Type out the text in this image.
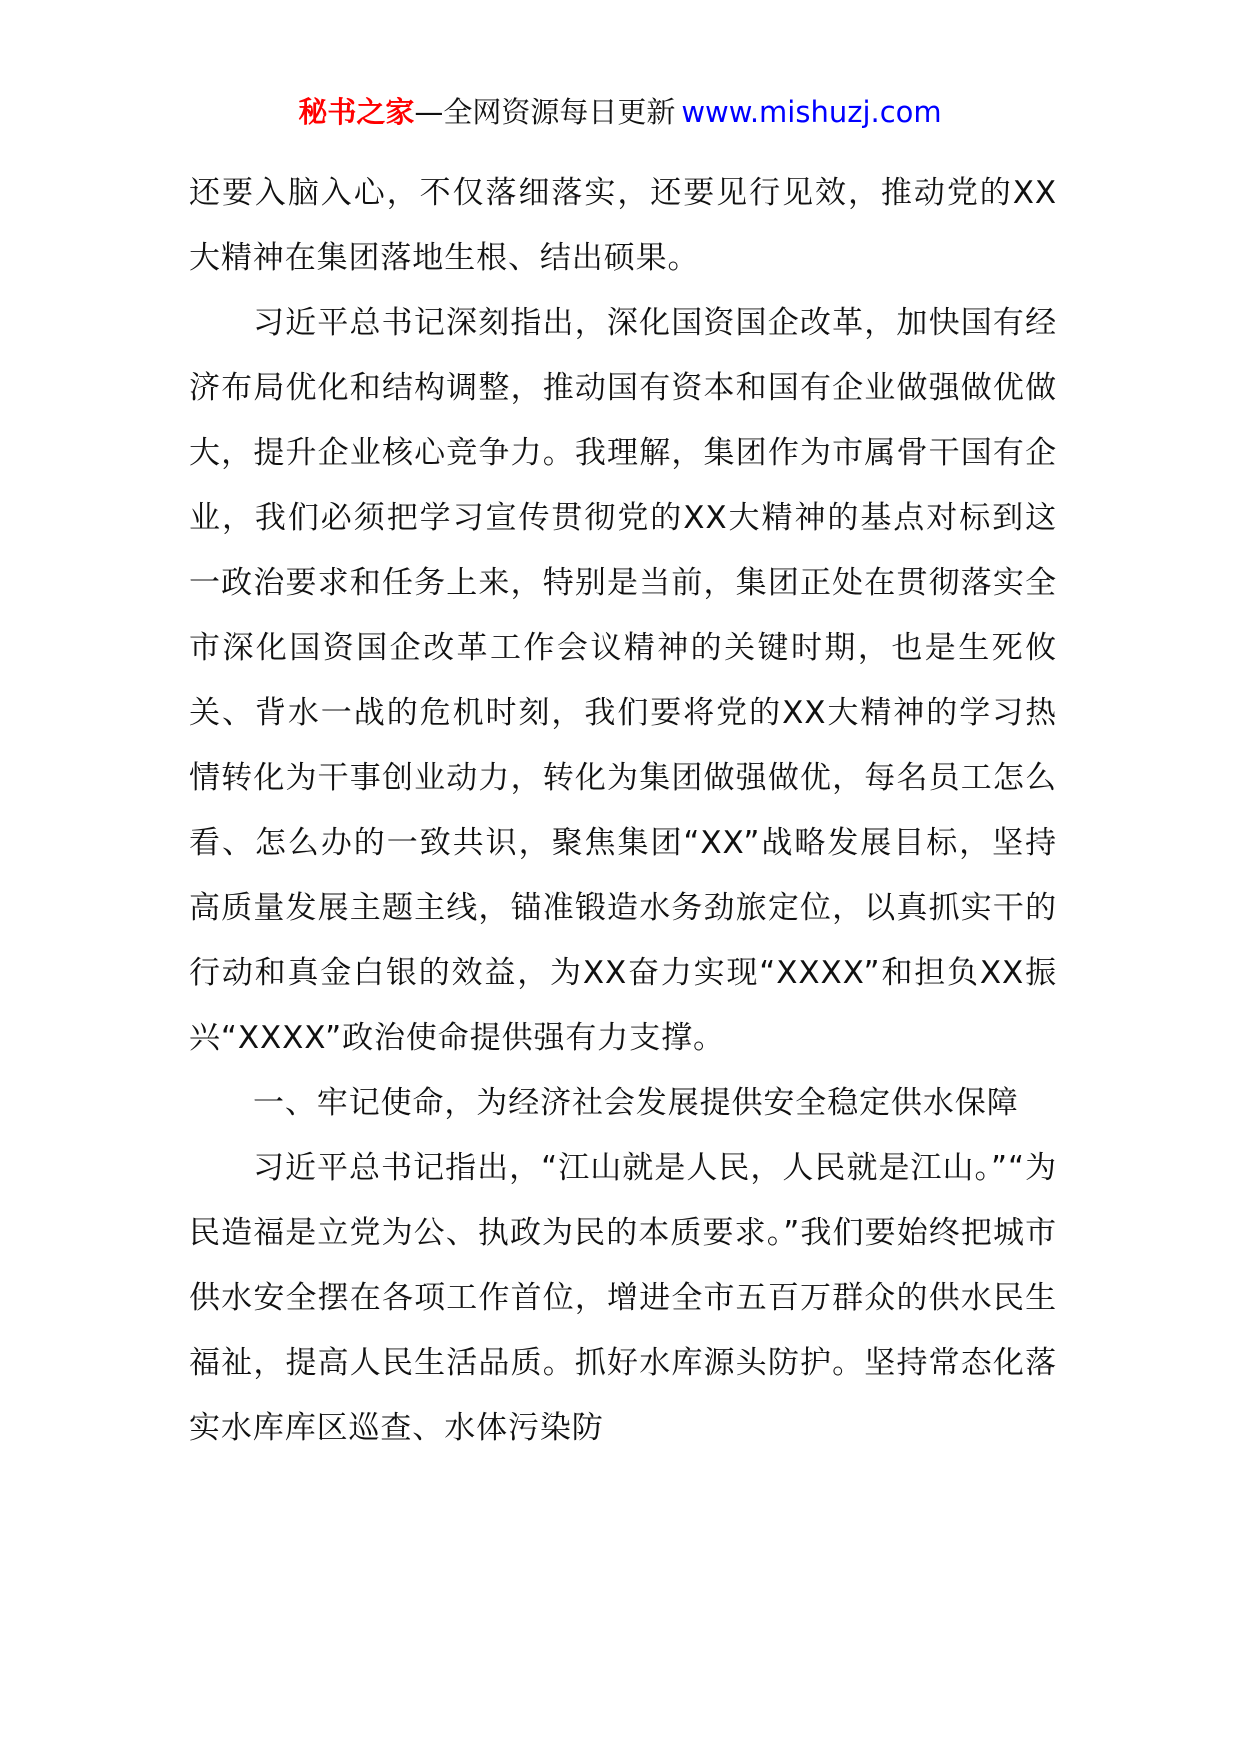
秘书之家—全网资源每日更新 www.mishuzj.com

还要入脑入心，不仅落细落实，还要见行见效，推动党的XX大精神在集团落地生根、结出硕果。

习近平总书记深刻指出，深化国资国企改革，加快国有经济布局优化和结构调整，推动国有资本和国有企业做强做优做大，提升企业核心竞争力。我理解，集团作为市属骨干国有企业，我们必须把学习宣传贯彻党的XX大精神的基点对标到这一政治要求和任务上来，特别是当前，集团正处在贯彻落实全市深化国资国企改革工作会议精神的关键时期，也是生死攸关、背水一战的危机时刻，我们要将党的XX大精神的学习热情转化为干事创业动力，转化为集团做强做优，每名员工怎么看、怎么办的一致共识，聚焦集团“XX”战略发展目标，坚持高质量发展主题主线，锚准锻造水务劲旅定位，以真抓实干的行动和真金白银的效益，为XX奋力实现“XXXX”和担负XX振兴“XXXX”政治使命提供强有力支撑。

一、牢记使命，为经济社会发展提供安全稳定供水保障

习近平总书记指出，“江山就是人民，人民就是江山。”“为民造福是立党为公、执政为民的本质要求。”我们要始终把城市供水安全摆在各项工作首位，增进全市五百万群众的供水民生福祉，提高人民生活品质。抓好水库源头防护。坚持常态化落实水库库区巡查、水体污染防
